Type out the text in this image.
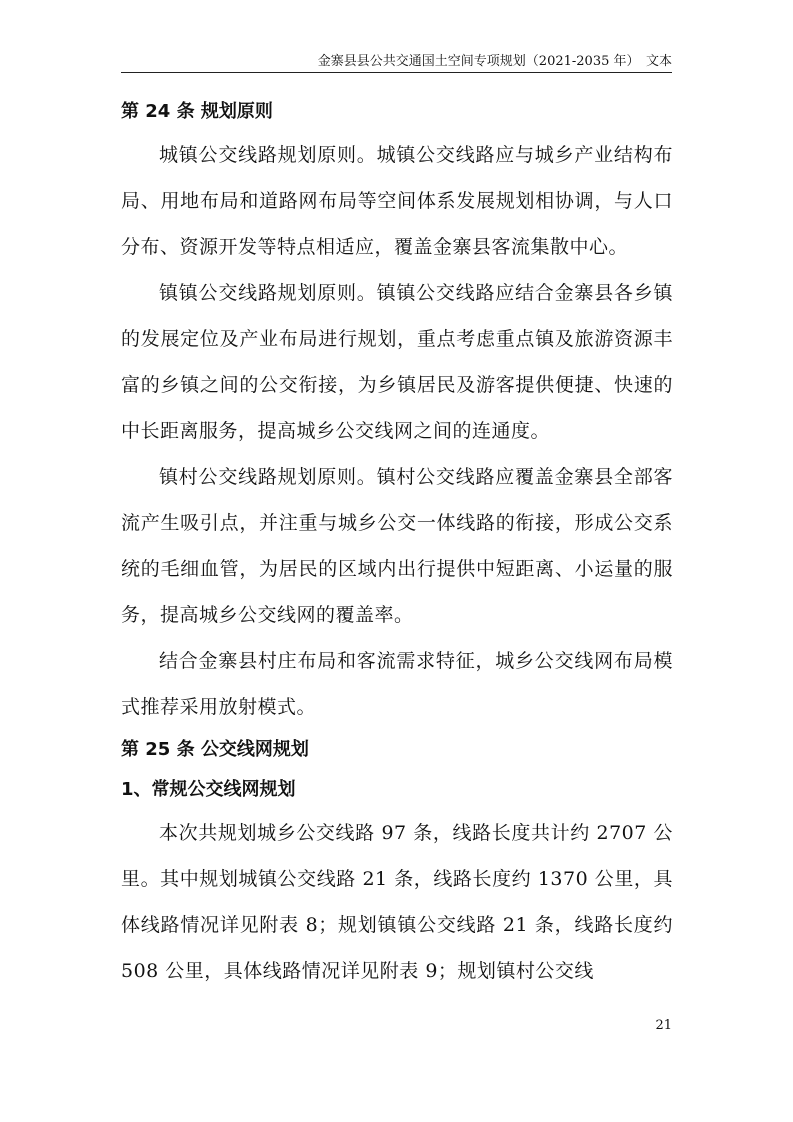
金寨县县公共交通国土空间专项规划（2021-2035 年）　文本
第 24 条 规划原则

城镇公交线路规划原则。城镇公交线路应与城乡产业结构布局、用地布局和道路网布局等空间体系发展规划相协调，与人口分布、资源开发等特点相适应，覆盖金寨县客流集散中心。

镇镇公交线路规划原则。镇镇公交线路应结合金寨县各乡镇的发展定位及产业布局进行规划，重点考虑重点镇及旅游资源丰富的乡镇之间的公交衔接，为乡镇居民及游客提供便捷、快速的中长距离服务，提高城乡公交线网之间的连通度。

镇村公交线路规划原则。镇村公交线路应覆盖金寨县全部客流产生吸引点，并注重与城乡公交一体线路的衔接，形成公交系统的毛细血管，为居民的区域内出行提供中短距离、小运量的服务，提高城乡公交线网的覆盖率。

结合金寨县村庄布局和客流需求特征，城乡公交线网布局模式推荐采用放射模式。

第 25 条 公交线网规划
1、常规公交线网规划

本次共规划城乡公交线路 97 条，线路长度共计约 2707 公里。其中规划城镇公交线路 21 条，线路长度约 1370 公里，具体线路情况详见附表 8；规划镇镇公交线路 21 条，线路长度约 508 公里，具体线路情况详见附表 9；规划镇村公交线

21
